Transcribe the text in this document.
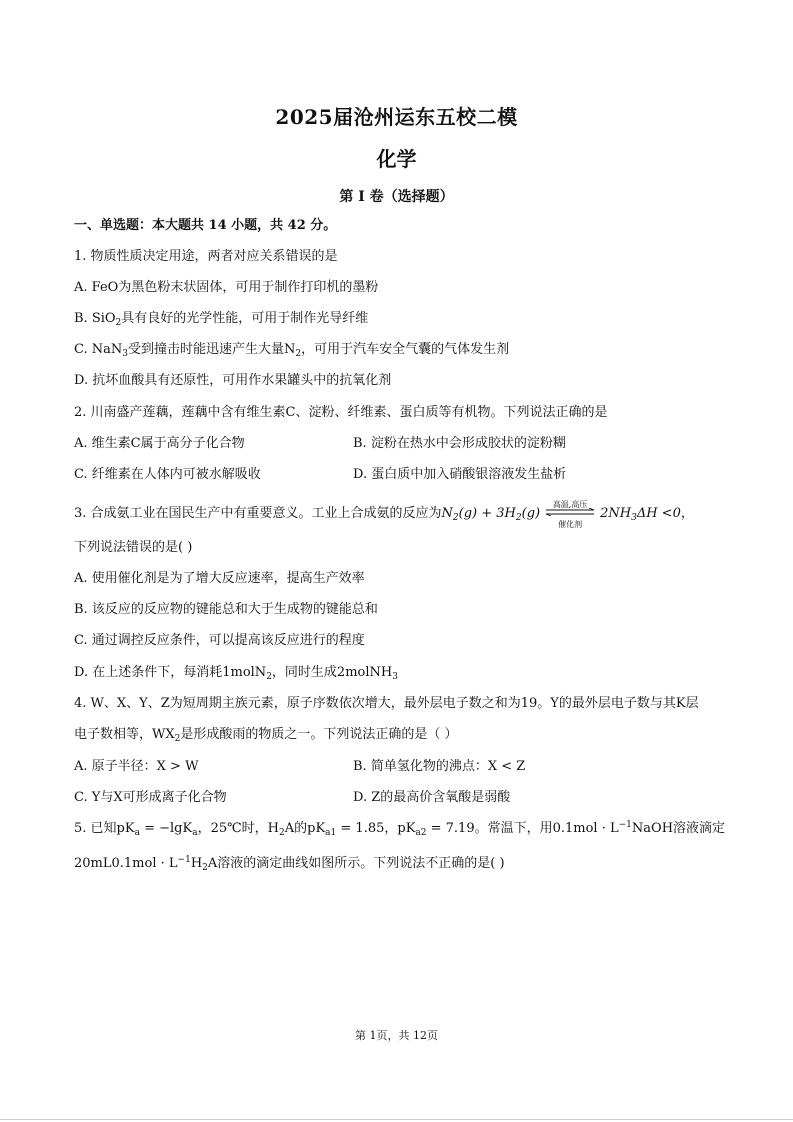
2025届沧州运东五校二模
化学
第 I 卷（选择题）
一、单选题：本大题共 14 小题，共 42 分。
1. 物质性质决定用途，两者对应关系错误的是
A. FeO为黑色粉末状固体，可用于制作打印机的墨粉
B. SiO$_2$具有良好的光学性能，可用于制作光导纤维
C. NaN$_3$受到撞击时能迅速产生大量$N_2$，可用于汽车安全气囊的气体发生剂
D. 抗坏血酸具有还原性，可用作水果罐头中的抗氧化剂
2. 川南盛产莲藕，莲藕中含有维生素C、淀粉、纤维素、蛋白质等有机物。下列说法正确的是
A. 维生素C属于高分子化合物	B. 淀粉在热水中会形成胶状的淀粉糊
C. 纤维素在人体内可被水解吸收	D. 蛋白质中加入硝酸银溶液发生盐析
3. 合成氨工业在国民生产中有重要意义。工业上合成氨的反应为$N_2(g) + 3H_2(g)$
高温,高压
催化剂
$2NH_3\Delta H <0$，
下列说法错误的是( )
A. 使用催化剂是为了增大反应速率，提高生产效率
B. 该反应的反应物的键能总和大于生成物的键能总和
C. 通过调控反应条件，可以提高该反应进行的程度
D. 在上述条件下，每消耗1molN$_2$，同时生成2molNH$_3$
4. W、X、Y、Z为短周期主族元素，原子序数依次增大，最外层电子数之和为19。Y的最外层电子数与其K层
电子数相等，$WX_2$是形成酸雨的物质之一。下列说法正确的是（ ）
A. 原子半径：X > W	B. 简单氢化物的沸点：X < Z
C. Y与X可形成离子化合物	D. Z的最高价含氧酸是弱酸
5. 已知$pK_a = -\lg K_a$，25℃时，$H_2A$的$pK_{a1} = 1.85$，$pK_{a2} = 7.19$。常温下，用$0.1mol \cdot L^{-1}NaOH$溶液滴定
$20mL0.1mol \cdot L^{-1}H_2A$溶液的滴定曲线如图所示。下列说法不正确的是( )
第 1页，共 12页
